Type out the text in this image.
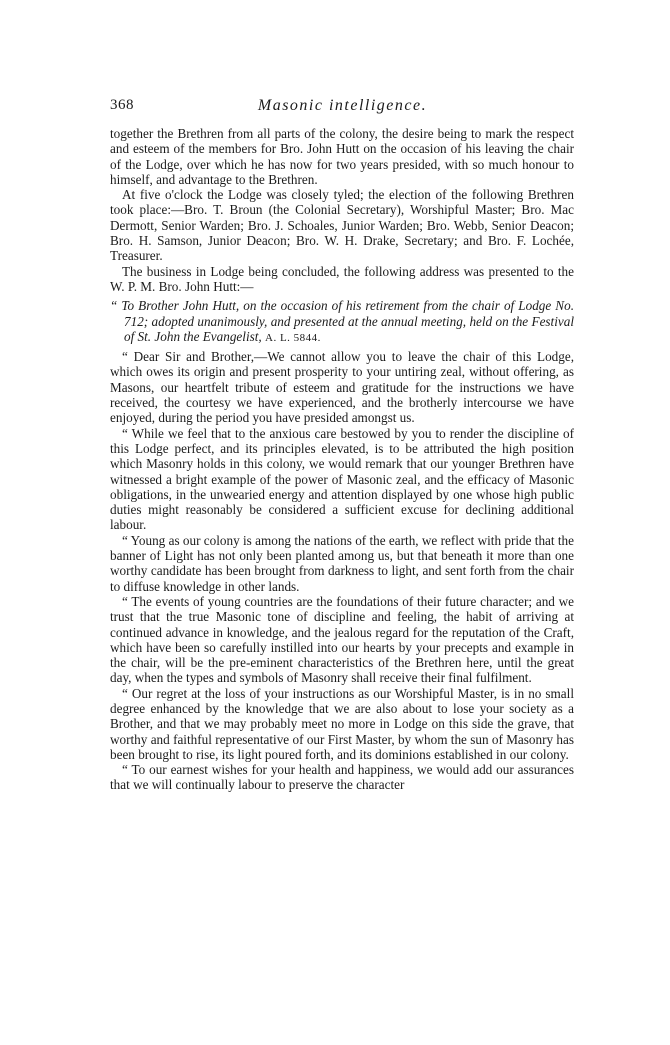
368	Masonic intelligence.

together the Brethren from all parts of the colony, the desire being to mark the respect and esteem of the members for Bro. John Hutt on the occasion of his leaving the chair of the Lodge, over which he has now for two years presided, with so much honour to himself, and advantage to the Brethren.

At five o'clock the Lodge was closely tyled; the election of the following Brethren took place:—Bro. T. Broun (the Colonial Secretary), Worshipful Master; Bro. Mac Dermott, Senior Warden; Bro. J. Schoales, Junior Warden; Bro. Webb, Senior Deacon; Bro. H. Samson, Junior Deacon; Bro. W. H. Drake, Secretary; and Bro. F. Lochée, Treasurer.

The business in Lodge being concluded, the following address was presented to the W. P. M. Bro. John Hutt:—

“ To Brother John Hutt, on the occasion of his retirement from the chair of Lodge No. 712; adopted unanimously, and presented at the annual meeting, held on the Festival of St. John the Evangelist, A. L. 5844.

“ Dear Sir and Brother,—We cannot allow you to leave the chair of this Lodge, which owes its origin and present prosperity to your untiring zeal, without offering, as Masons, our heartfelt tribute of esteem and gratitude for the instructions we have received, the courtesy we have experienced, and the brotherly intercourse we have enjoyed, during the period you have presided amongst us.

“ While we feel that to the anxious care bestowed by you to render the discipline of this Lodge perfect, and its principles elevated, is to be attributed the high position which Masonry holds in this colony, we would remark that our younger Brethren have witnessed a bright example of the power of Masonic zeal, and the efficacy of Masonic obligations, in the unwearied energy and attention displayed by one whose high public duties might reasonably be considered a sufficient excuse for declining additional labour.

“ Young as our colony is among the nations of the earth, we reflect with pride that the banner of Light has not only been planted among us, but that beneath it more than one worthy candidate has been brought from darkness to light, and sent forth from the chair to diffuse knowledge in other lands.

“ The events of young countries are the foundations of their future character; and we trust that the true Masonic tone of discipline and feeling, the habit of arriving at continued advance in knowledge, and the jealous regard for the reputation of the Craft, which have been so carefully instilled into our hearts by your precepts and example in the chair, will be the pre-eminent characteristics of the Brethren here, until the great day, when the types and symbols of Masonry shall receive their final fulfilment.

“ Our regret at the loss of your instructions as our Worshipful Master, is in no small degree enhanced by the knowledge that we are also about to lose your society as a Brother, and that we may probably meet no more in Lodge on this side the grave, that worthy and faithful representative of our First Master, by whom the sun of Masonry has been brought to rise, its light poured forth, and its dominions established in our colony.

“ To our earnest wishes for your health and happiness, we would add our assurances that we will continually labour to preserve the character
